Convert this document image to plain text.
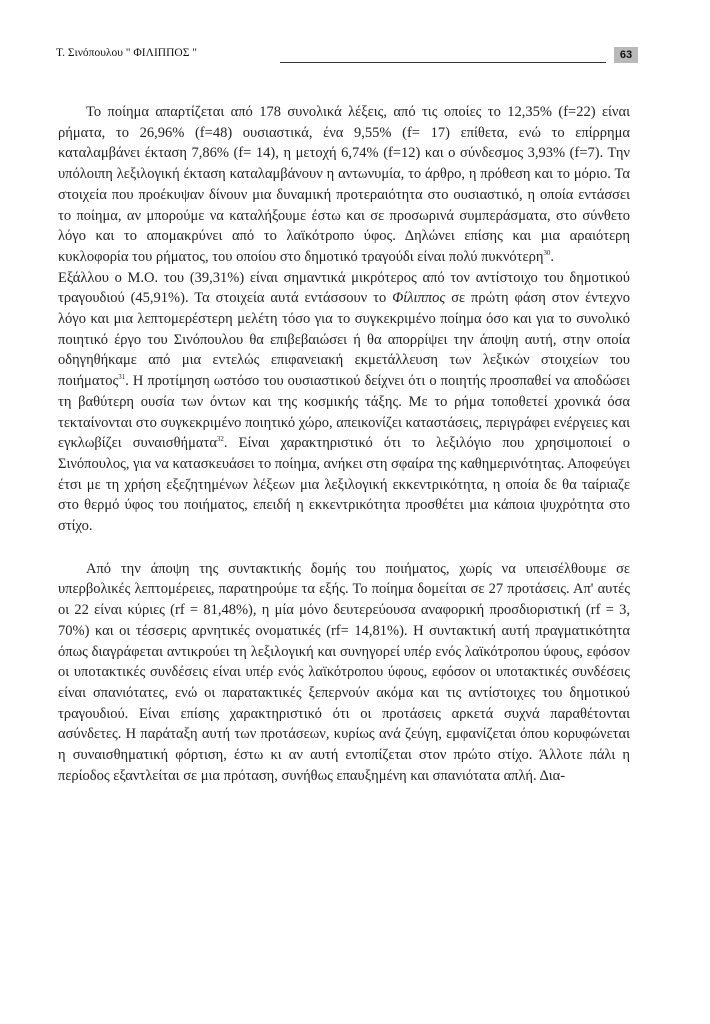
Τ. Σινόπουλου " ΦΙΛΙΠΠΟΣ "	63

Το ποίημα απαρτίζεται από 178 συνολικά λέξεις, από τις οποίες το 12,35% (f=22) είναι ρήματα, το 26,96% (f=48) ουσιαστικά, ένα 9,55% (f= 17) επίθετα, ενώ το επίρρημα καταλαμβάνει έκταση 7,86% (f= 14), η μετοχή 6,74% (f=12) και ο σύνδεσμος 3,93% (f=7). Την υπόλοιπη λεξιλογική έκταση καταλαμβάνουν η αντωνυμία, το άρθρο, η πρόθεση και το μόριο. Τα στοιχεία που προέκυψαν δίνουν μια δυναμική προτεραιότητα στο ουσιαστικό, η οποία εντάσσει το ποίημα, αν μπορούμε να καταλήξουμε έστω και σε προσωρινά συμπεράσματα, στο σύνθετο λόγο και το απομακρύνει από το λαϊκότροπο ύφος. Δηλώνει επίσης και μια αραιότερη κυκλοφορία του ρήματος, του οποίου στο δημοτικό τραγούδι είναι πολύ πυκνότερη$^{30}$.

Εξάλλου ο Μ.Ο. του (39,31%) είναι σημαντικά μικρότερος από τον αντίστοιχο του δημοτικού τραγουδιού (45,91%). Τα στοιχεία αυτά εντάσσουν το Φίλιππος σε πρώτη φάση στον έντεχνο λόγο και μια λεπτομερέστερη μελέτη τόσο για το συγκεκριμένο ποίημα όσο και για το συνολικό ποιητικό έργο του Σινόπουλου θα επιβεβαιώσει ή θα απορρίψει την άποψη αυτή, στην οποία οδηγηθήκαμε από μια εντελώς επιφανειακή εκμετάλλευση των λεξικών στοιχείων του ποιήματος$^{31}$. Η προτίμηση ωστόσο του ουσιαστικού δείχνει ότι ο ποιητής προσπαθεί να αποδώσει τη βαθύτερη ουσία των όντων και της κοσμικής τάξης. Με το ρήμα τοποθετεί χρονικά όσα τεκταίνονται στο συγκεκριμένο ποιητικό χώρο, απεικονίζει καταστάσεις, περιγράφει ενέργειες και εγκλωβίζει συναισθήματα$^{32}$. Είναι χαρακτηριστικό ότι το λεξιλόγιο που χρησιμοποιεί ο Σινόπουλος, για να κατασκευάσει το ποίημα, ανήκει στη σφαίρα της καθημερινότητας. Αποφεύγει έτσι με τη χρήση εξεζητημένων λέξεων μια λεξιλογική εκκεντρικότητα, η οποία δε θα ταίριαζε στο θερμό ύφος του ποιήματος, επειδή η εκκεντρικότητα προσθέτει μια κάποια ψυχρότητα στο στίχο.

Από την άποψη της συντακτικής δομής του ποιήματος, χωρίς να υπεισέλθουμε σε υπερβολικές λεπτομέρειες, παρατηρούμε τα εξής. Το ποίημα δομείται σε 27 προτάσεις. Απ' αυτές οι 22 είναι κύριες (rf = 81,48%), η μία μόνο δευτερεύουσα αναφορική προσδιοριστική (rf = 3, 70%) και οι τέσσερις αρνητικές ονοματικές (rf= 14,81%). Η συντακτική αυτή πραγματικότητα όπως διαγράφεται αντικρούει τη λεξιλογική και συνηγορεί υπέρ ενός λαϊκότροπου ύφους, εφόσον οι υποτακτικές συνδέσεις είναι υπέρ ενός λαϊκότροπου ύφους, εφόσον οι υποτακτικές συνδέσεις είναι σπανιότατες, ενώ οι παρατακτικές ξεπερνούν ακόμα και τις αντίστοιχες του δημοτικού τραγουδιού. Είναι επίσης χαρακτηριστικό ότι οι προτάσεις αρκετά συχνά παραθέτονται ασύνδετες. Η παράταξη αυτή των προτάσεων, κυρίως ανά ζεύγη, εμφανίζεται όπου κορυφώνεται η συναισθηματική φόρτιση, έστω κι αν αυτή εντοπίζεται στον πρώτο στίχο. Άλλοτε πάλι η περίοδος εξαντλείται σε μια πρόταση, συνήθως επαυξημένη και σπανιότατα απλή. Δια-
